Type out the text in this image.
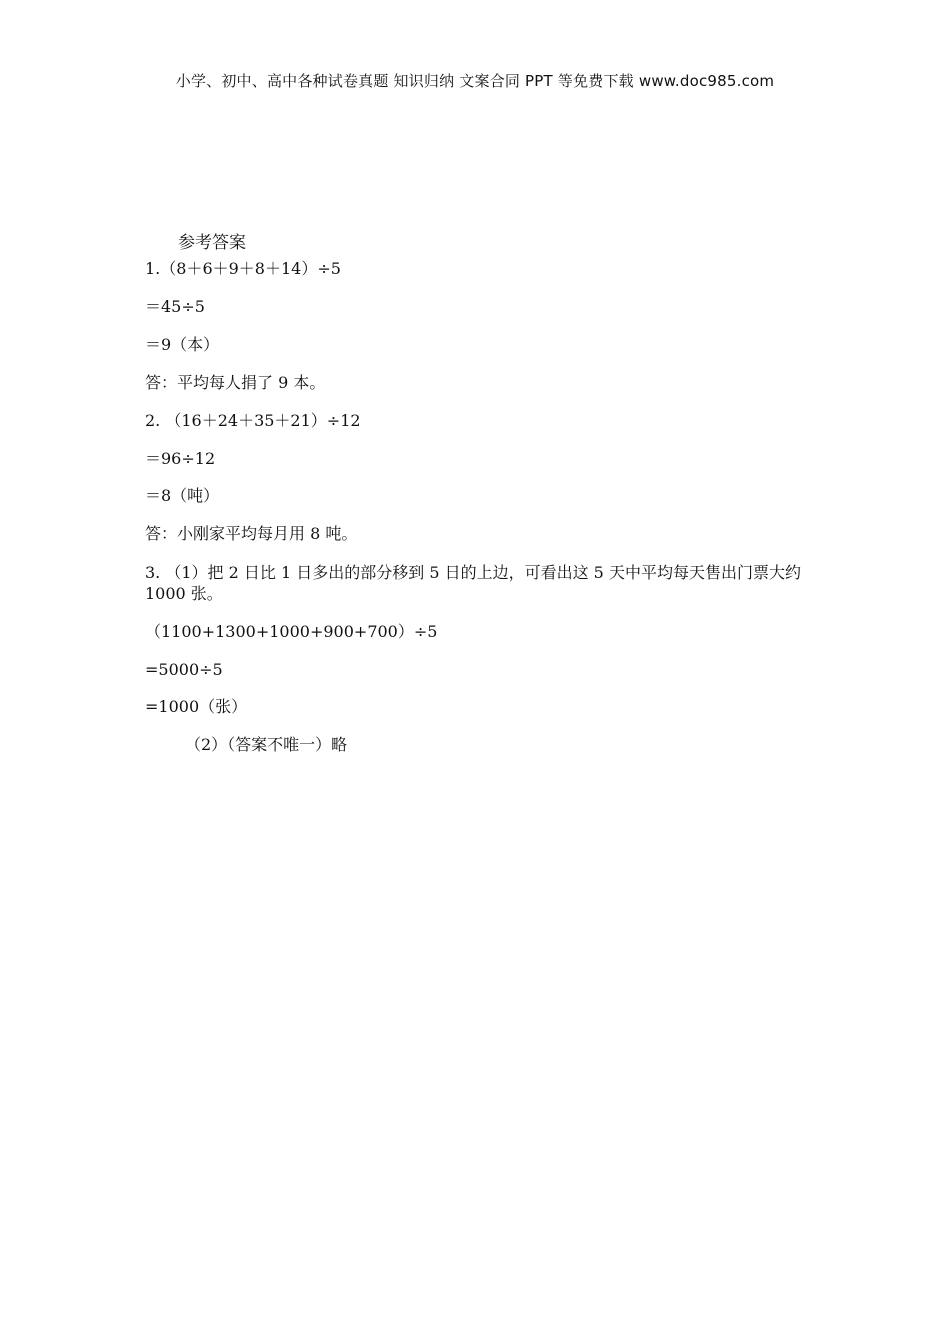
小学、初中、高中各种试卷真题 知识归纳 文案合同 PPT 等免费下载 www.doc985.com
参考答案
1.（8＋6＋9＋8＋14）÷5
＝45÷5
＝9（本）
答：平均每人捐了 9 本。
2. （16＋24＋35＋21）÷12
＝96÷12
＝8（吨）
答：小刚家平均每月用 8 吨。
3. （1）把 2 日比 1 日多出的部分移到 5 日的上边，可看出这 5 天中平均每天售出门票大约 1000 张。
（1100+1300+1000+900+700）÷5
=5000÷5
=1000（张）
（2）（答案不唯一）略
